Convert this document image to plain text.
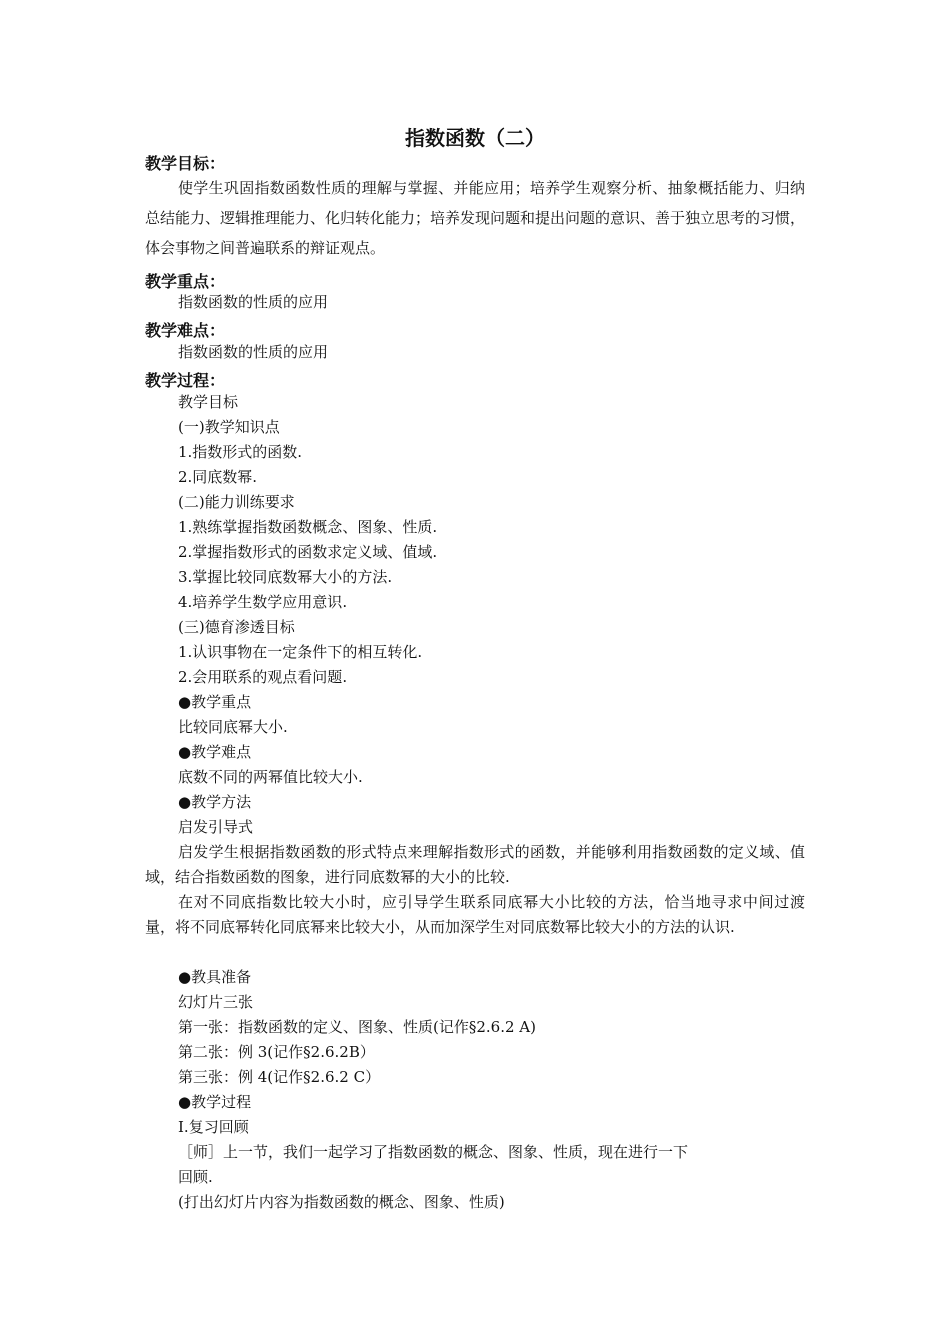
指数函数（二）
教学目标：
使学生巩固指数函数性质的理解与掌握、并能应用；培养学生观察分析、抽象概括能力、归纳总结能力、逻辑推理能力、化归转化能力；培养发现问题和提出问题的意识、善于独立思考的习惯，体会事物之间普遍联系的辩证观点。
教学重点：
指数函数的性质的应用
教学难点：
指数函数的性质的应用
教学过程：
教学目标
(一)教学知识点
1.指数形式的函数.
2.同底数幂.
(二)能力训练要求
1.熟练掌握指数函数概念、图象、性质.
2.掌握指数形式的函数求定义域、值域.
3.掌握比较同底数幂大小的方法.
4.培养学生数学应用意识.
(三)德育渗透目标
1.认识事物在一定条件下的相互转化.
2.会用联系的观点看问题.
●教学重点
比较同底幂大小.
●教学难点
底数不同的两幂值比较大小.
●教学方法
启发引导式
启发学生根据指数函数的形式特点来理解指数形式的函数，并能够利用指数函数的定义域、值域，结合指数函数的图象，进行同底数幂的大小的比较.
在对不同底指数比较大小时，应引导学生联系同底幂大小比较的方法，恰当地寻求中间过渡量，将不同底幂转化同底幂来比较大小，从而加深学生对同底数幂比较大小的方法的认识.
●教具准备
幻灯片三张
第一张：指数函数的定义、图象、性质(记作§2.6.2 A)
第二张：例 3(记作§2.6.2B）
第三张：例 4(记作§2.6.2 C）
●教学过程
Ⅰ.复习回顾
［师］上一节，我们一起学习了指数函数的概念、图象、性质，现在进行一下
回顾.
(打出幻灯片内容为指数函数的概念、图象、性质)
